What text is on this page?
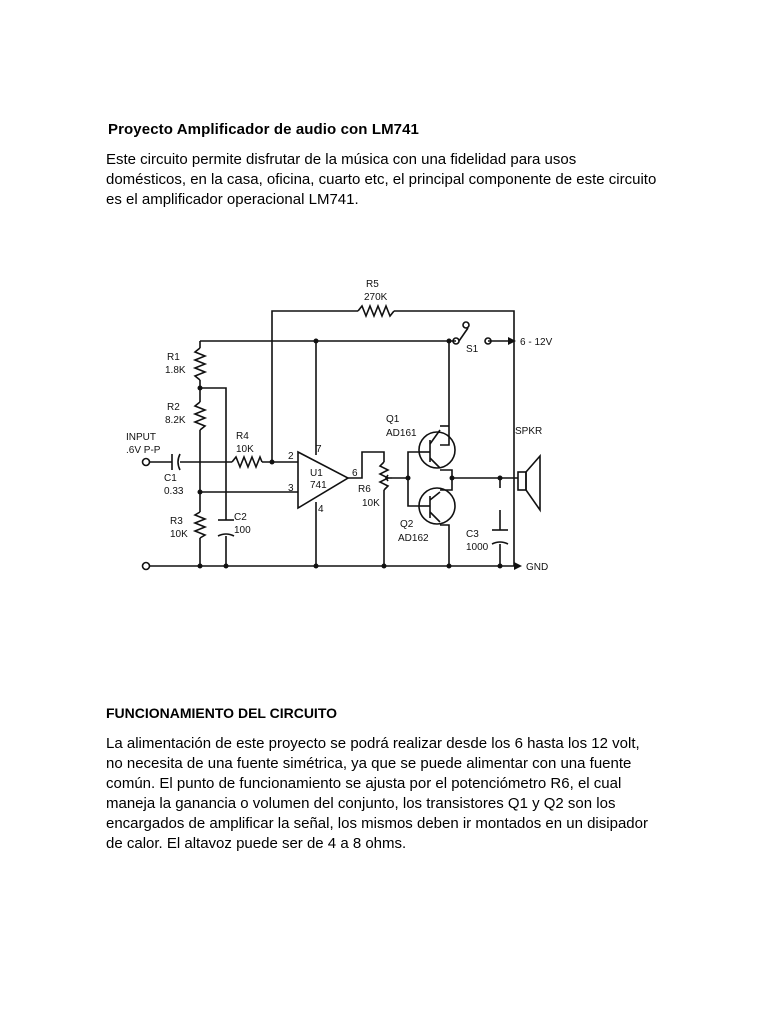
Proyecto Amplificador de audio con LM741

Este circuito permite disfrutar de la música con una fidelidad para usos
domésticos, en la casa, oficina, cuarto etc, el principal componente de este circuito
es el amplificador operacional LM741.

R5
270K
S1
6 - 12V
R1
1.8K
R2
8.2K
INPUT
.6V P-P
R4
10K
C1
0.33
R3
10K
C2
100
U1
741
2
3
7
4
6
R6
10K
Q1
AD161
Q2
AD162	C3
1000
SPKR
GND
FUNCIONAMIENTO DEL CIRCUITO

La alimentación de este proyecto se podrá realizar desde los 6 hasta los 12 volt,
no necesita de una fuente simétrica, ya que se puede alimentar con una fuente
común. El punto de funcionamiento se ajusta por el potenciómetro R6, el cual
maneja la ganancia o volumen del conjunto, los transistores Q1 y Q2 son los
encargados de amplificar la señal, los mismos deben ir montados en un disipador
de calor. El altavoz puede ser de 4 a 8 ohms.
